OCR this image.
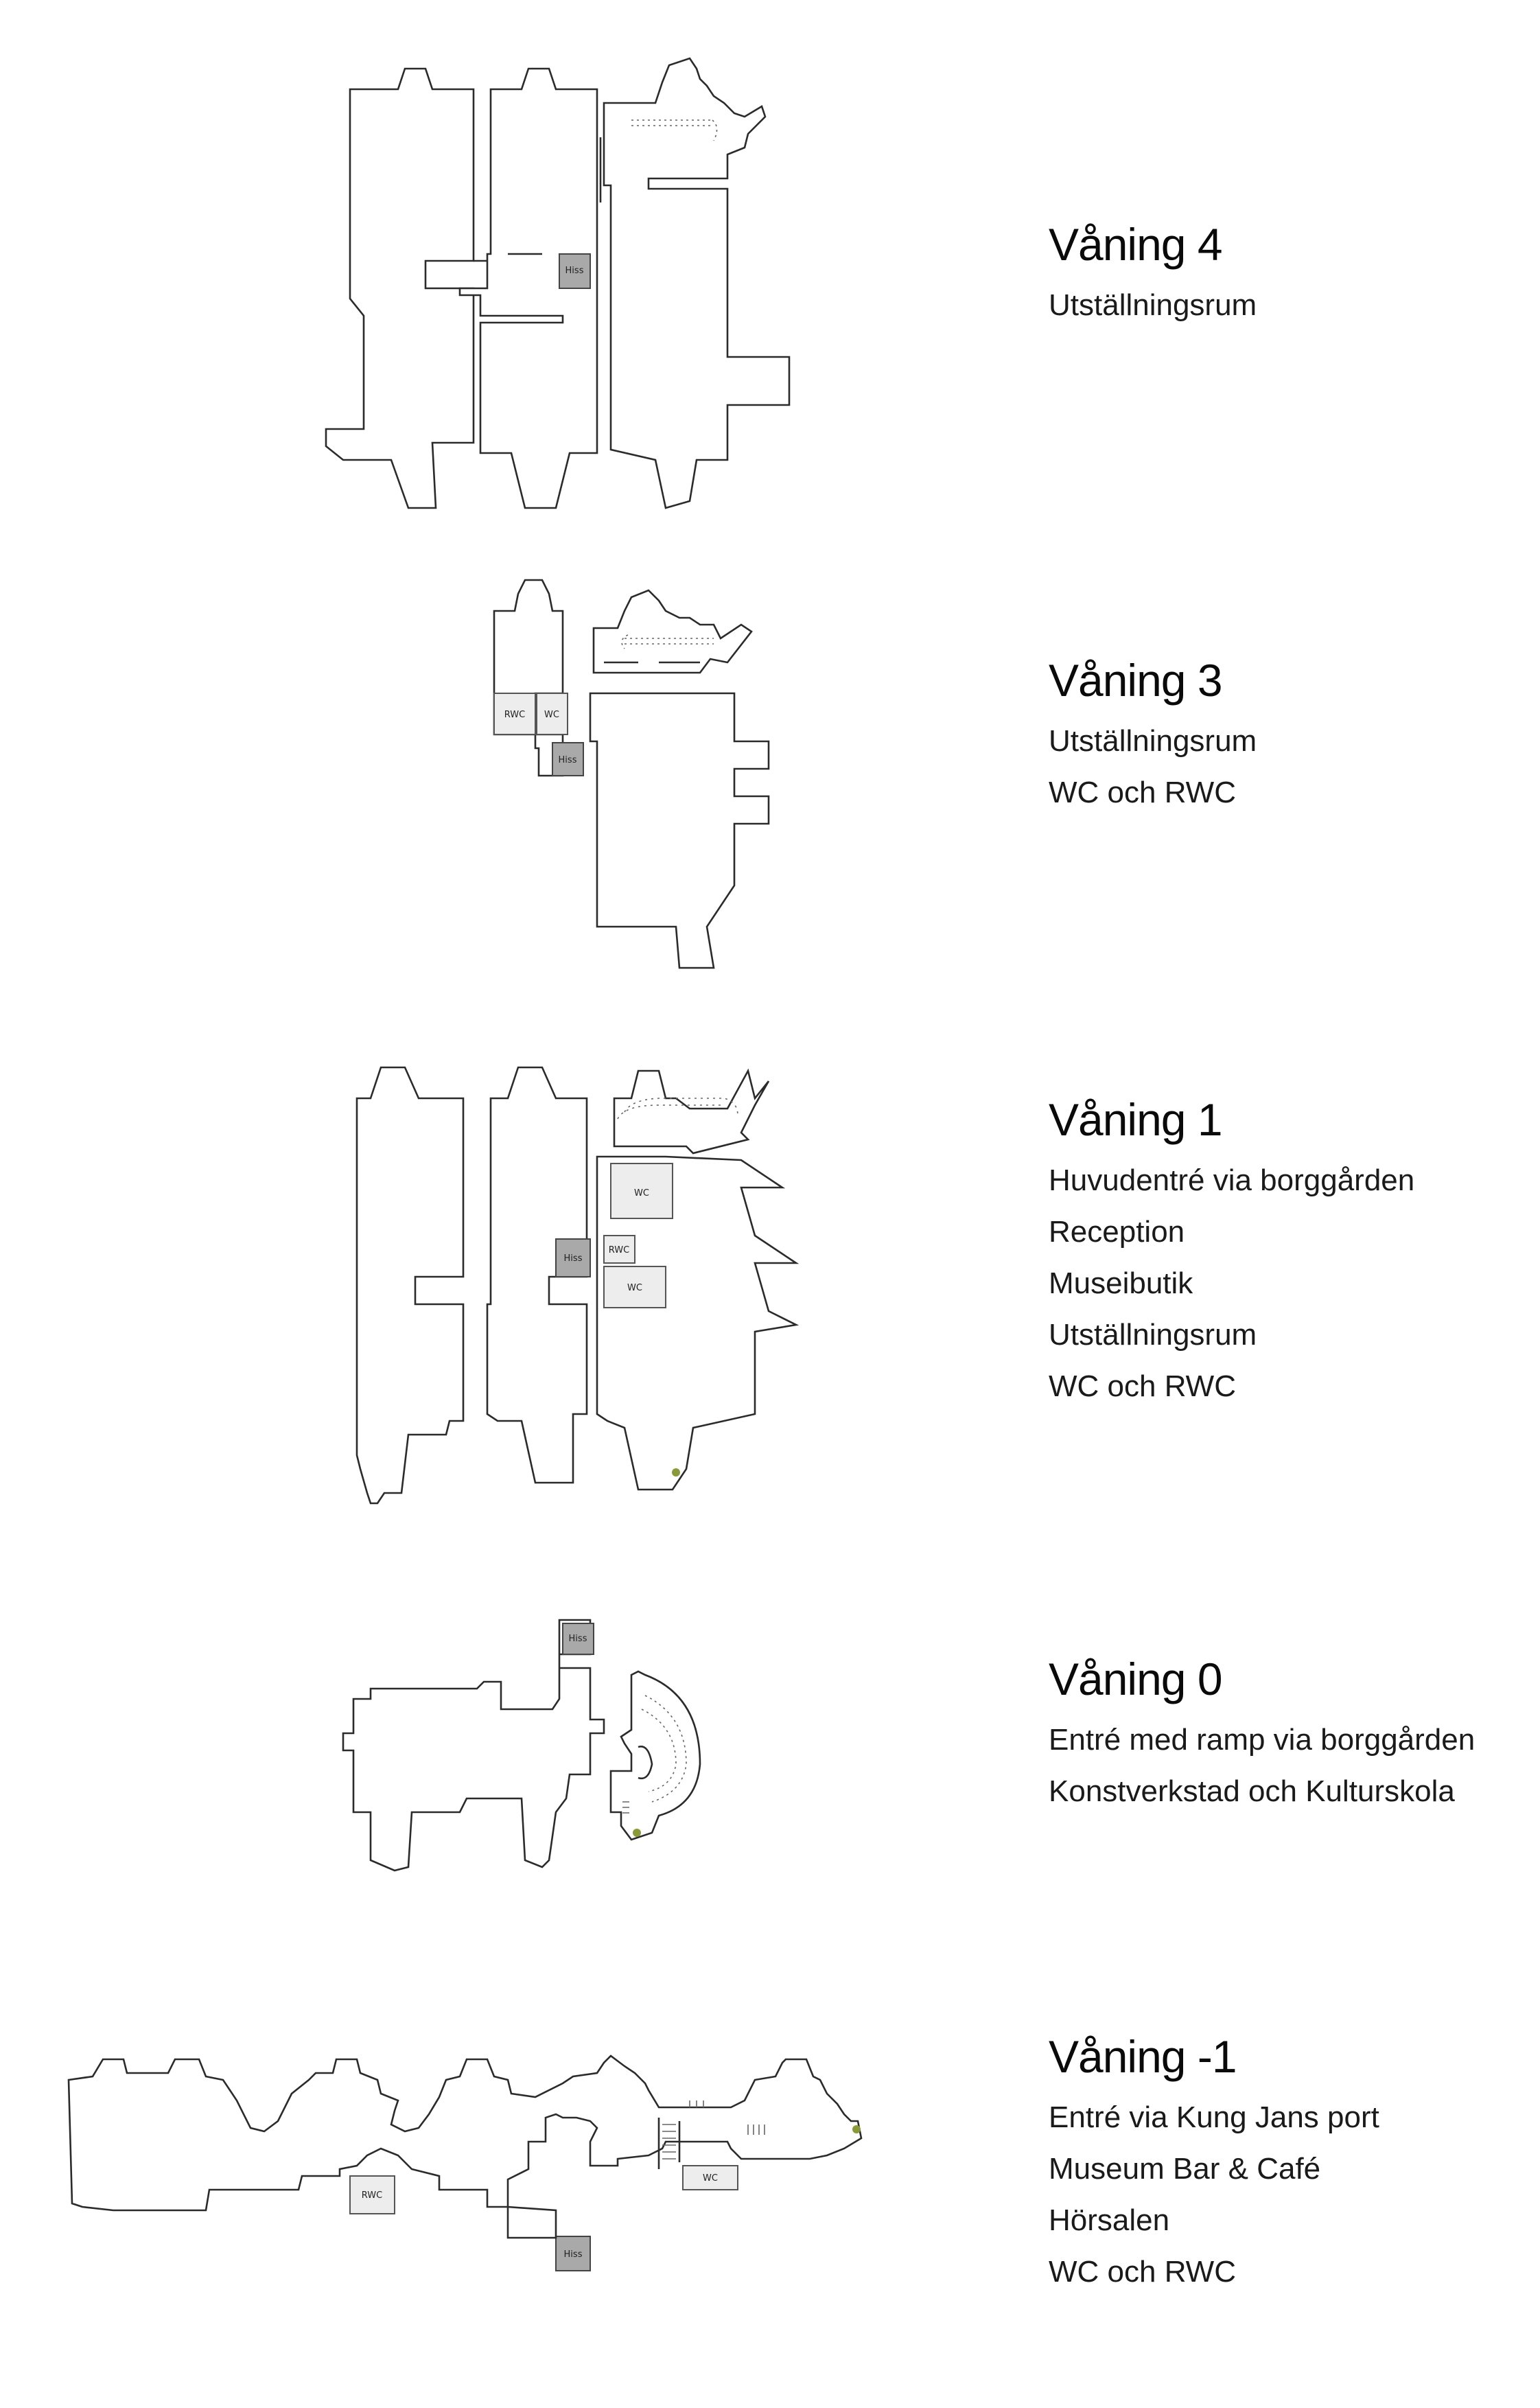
Hiss
Våning 4
Utställningsrum
RWC WC
Hiss
Våning 3
Utställningsrum
WC och RWC
WC
RWC
WC
Hiss
Våning 1
Huvudentré via borggården
Reception
Museibutik
Utställningsrum
WC och RWC
Hiss
Våning 0
Entré med ramp via borggården
Konstverkstad och Kulturskola
RWC
WC
Hiss
Våning -1
Entré via Kung Jans port
Museum Bar & Café
Hörsalen
WC och RWC
